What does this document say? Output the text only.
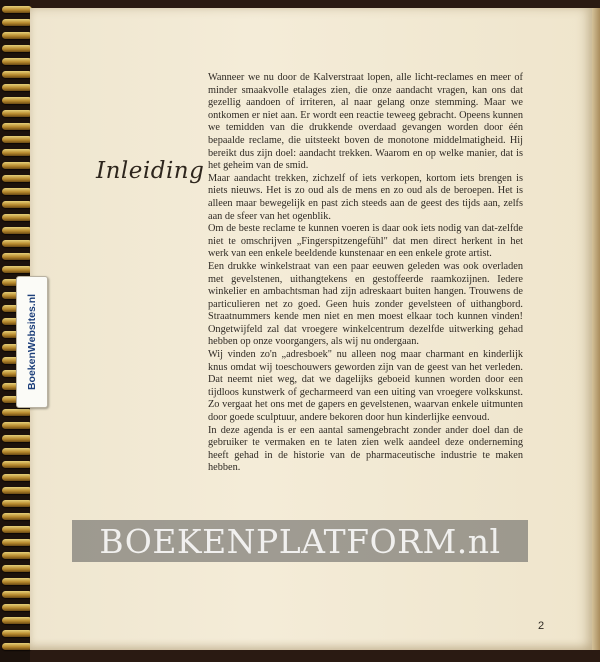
Inleiding

Wanneer we nu door de Kalverstraat lopen, alle licht-reclames en meer of minder smaakvolle etalages zien, die onze aandacht vragen, kan ons dat gezellig aandoen of irriteren, al naar gelang onze stemming. Maar we ontkomen er niet aan. Er wordt een reactie teweeg gebracht. Opeens kunnen we temidden van die drukkende overdaad gevangen worden door één bepaalde reclame, die uitsteekt boven de monotone middelmatigheid. Hij bereikt dus zijn doel: aandacht trekken. Waarom en op welke manier, dat is het geheim van de smid.

Maar aandacht trekken, zichzelf of iets verkopen, kortom iets brengen is niets nieuws. Het is zo oud als de mens en zo oud als de beroepen. Het is alleen maar bewegelijk en past zich steeds aan de geest des tijds aan, zelfs aan de sfeer van het ogenblik.

Om de beste reclame te kunnen voeren is daar ook iets nodig van dat-zelfde niet te omschrijven „Fingerspitzengefühl" dat men direct herkent in het werk van een enkele beeldende kunstenaar en een enkele grote artist.

Een drukke winkelstraat van een paar eeuwen geleden was ook overladen met gevelstenen, uithangtekens en gestoffeerde raamkozijnen. Iedere winkelier en ambachtsman had zijn adreskaart buiten hangen. Trouwens de particulieren net zo goed. Geen huis zonder gevelsteen of uithangbord. Straatnummers kende men niet en men moest elkaar toch kunnen vinden! Ongetwijfeld zal dat vroegere winkelcentrum dezelfde uitwerking gehad hebben op onze voorgangers, als wij nu ondergaan.

Wij vinden zo'n „adresboek" nu alleen nog maar charmant en kinderlijk knus omdat wij toeschouwers geworden zijn van de geest van het verleden. Dat neemt niet weg, dat we dagelijks geboeid kunnen worden door een tijdloos kunstwerk of gecharmeerd van een uiting van vroegere volkskunst. Zo vergaat het ons met de gapers en gevelstenen, waarvan enkele uitmunten door goede sculptuur, andere bekoren door hun kinderlijke eenvoud.

In deze agenda is er een aantal samengebracht zonder ander doel dan de gebruiker te vermaken en te laten zien welk aandeel deze onderneming heeft gehad in de historie van de pharmaceutische industrie te maken hebben.

2
BoekenWebsites.nl
BOEKENPLATFORM.nl
